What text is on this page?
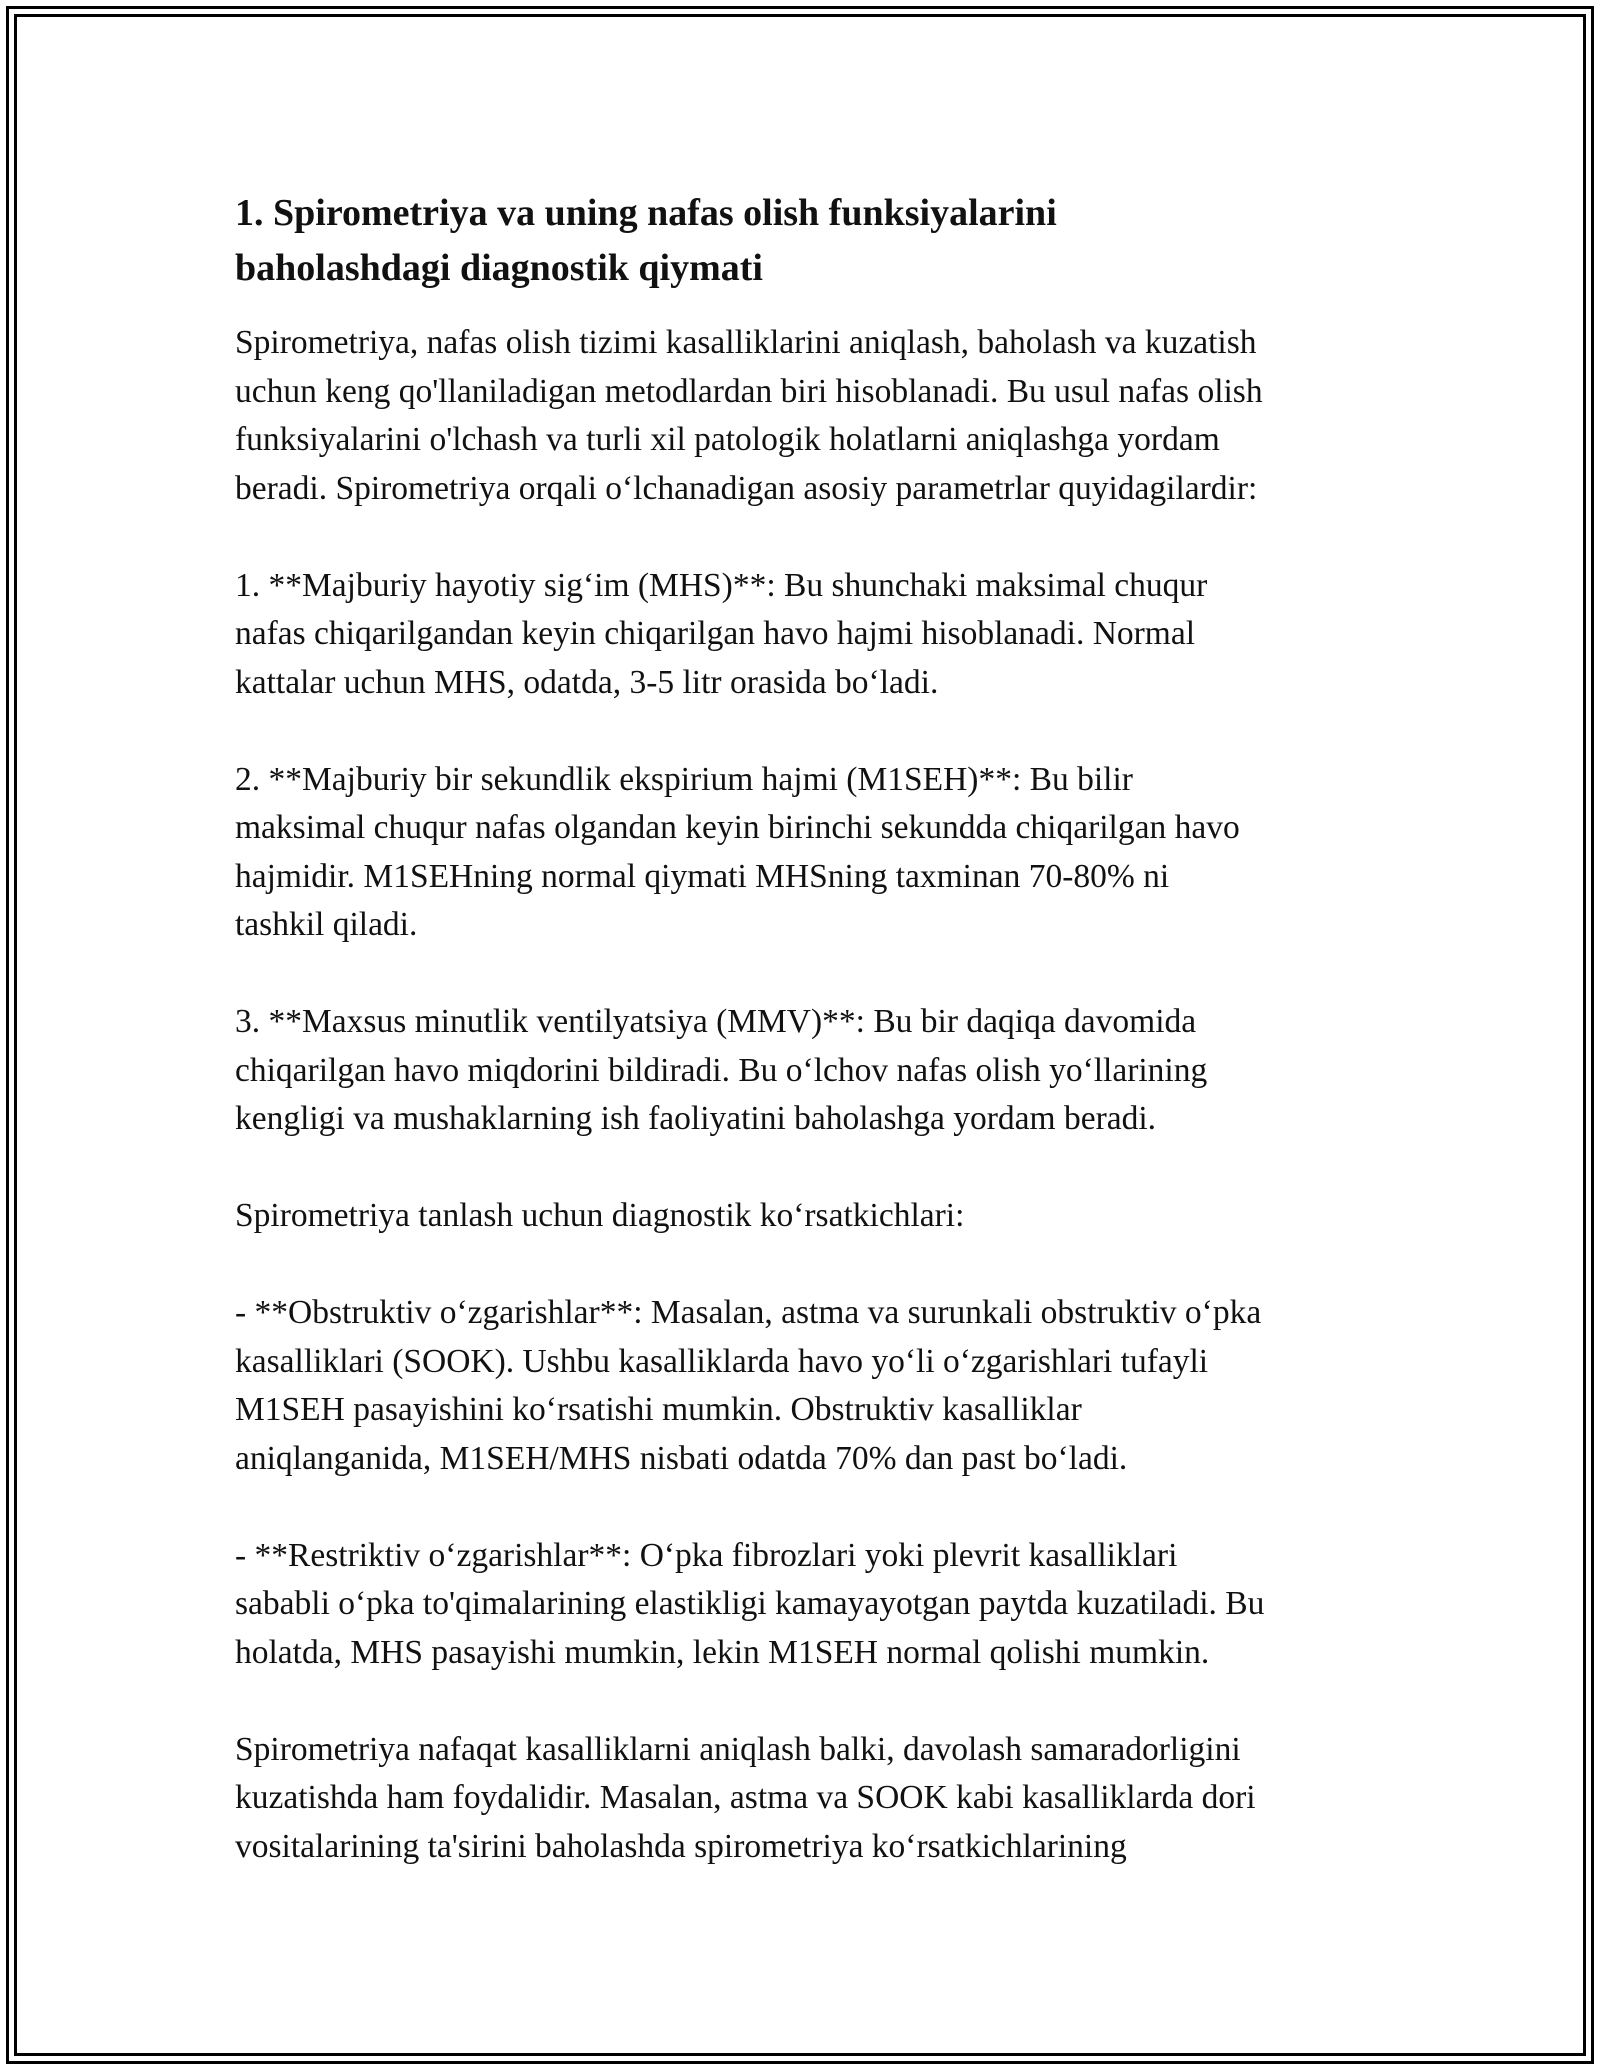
1. Spirometriya va uning nafas olish funksiyalarini
baholashdagi diagnostik qiymati

Spirometriya, nafas olish tizimi kasalliklarini aniqlash, baholash va kuzatish
uchun keng qo'llaniladigan metodlardan biri hisoblanadi. Bu usul nafas olish
funksiyalarini o'lchash va turli xil patologik holatlarni aniqlashga yordam
beradi. Spirometriya orqali o‘lchanadigan asosiy parametrlar quyidagilardir:

1. **Majburiy hayotiy sig‘im (MHS)**: Bu shunchaki maksimal chuqur
nafas chiqarilgandan keyin chiqarilgan havo hajmi hisoblanadi. Normal
kattalar uchun MHS, odatda, 3-5 litr orasida bo‘ladi.

2. **Majburiy bir sekundlik ekspirium hajmi (M1SEH)**: Bu bilir
maksimal chuqur nafas olgandan keyin birinchi sekundda chiqarilgan havo
hajmidir. M1SEHning normal qiymati MHSning taxminan 70-80% ni
tashkil qiladi.

3. **Maxsus minutlik ventilyatsiya (MMV)**: Bu bir daqiqa davomida
chiqarilgan havo miqdorini bildiradi. Bu o‘lchov nafas olish yo‘llarining
kengligi va mushaklarning ish faoliyatini baholashga yordam beradi.

Spirometriya tanlash uchun diagnostik ko‘rsatkichlari:

- **Obstruktiv o‘zgarishlar**: Masalan, astma va surunkali obstruktiv o‘pka
kasalliklari (SOOK). Ushbu kasalliklarda havo yo‘li o‘zgarishlari tufayli
M1SEH pasayishini ko‘rsatishi mumkin. Obstruktiv kasalliklar
aniqlanganida, M1SEH/MHS nisbati odatda 70% dan past bo‘ladi.

- **Restriktiv o‘zgarishlar**: O‘pka fibrozlari yoki plevrit kasalliklari
sababli o‘pka to'qimalarining elastikligi kamayayotgan paytda kuzatiladi. Bu
holatda, MHS pasayishi mumkin, lekin M1SEH normal qolishi mumkin.

Spirometriya nafaqat kasalliklarni aniqlash balki, davolash samaradorligini
kuzatishda ham foydalidir. Masalan, astma va SOOK kabi kasalliklarda dori
vositalarining ta'sirini baholashda spirometriya ko‘rsatkichlarining
